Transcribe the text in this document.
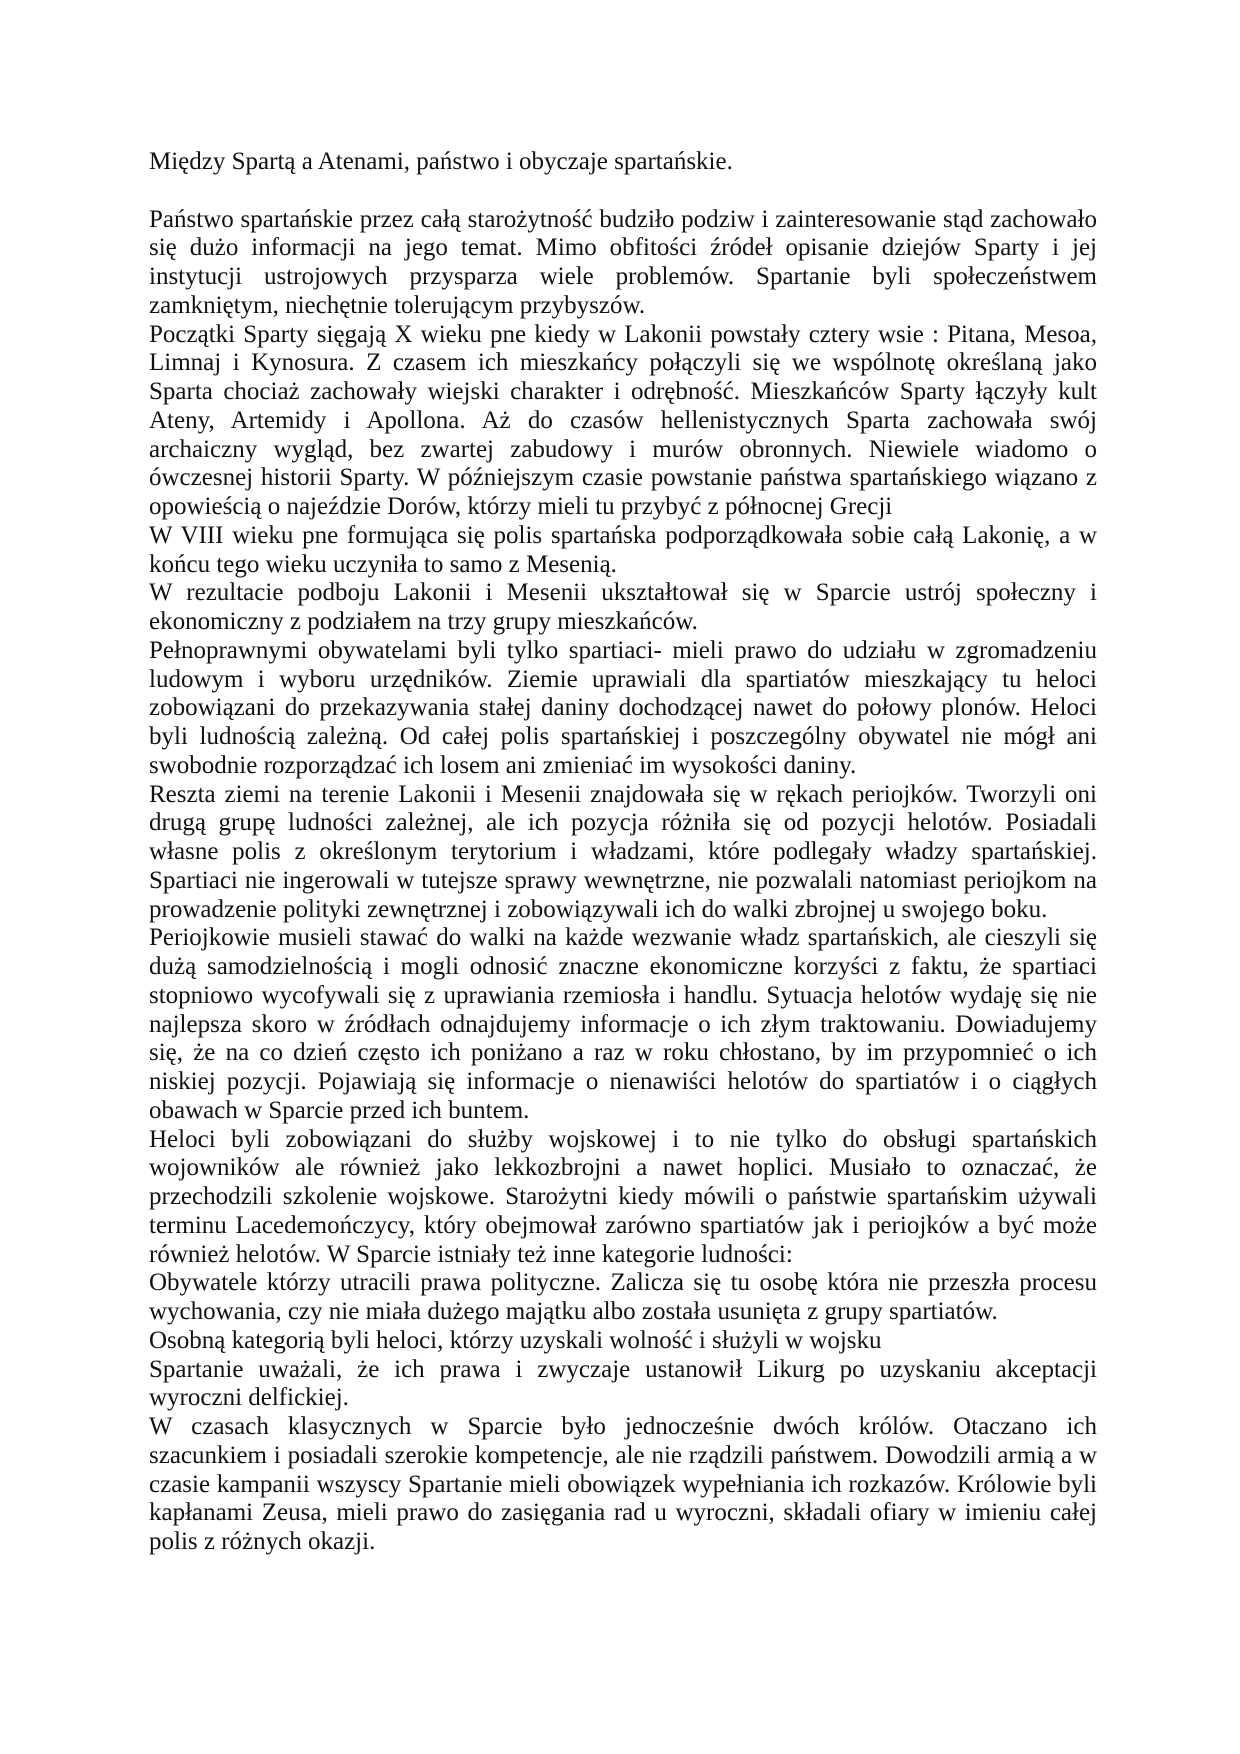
Między Spartą a Atenami, państwo i obyczaje spartańskie.
Państwo spartańskie przez całą starożytność budziło podziw i zainteresowanie stąd zachowało
się dużo informacji na jego temat. Mimo obfitości źródeł opisanie dziejów Sparty i jej
instytucji ustrojowych przysparza wiele problemów. Spartanie byli społeczeństwem
zamkniętym, niechętnie tolerującym przybyszów.
Początki Sparty sięgają X wieku pne kiedy w Lakonii powstały cztery wsie : Pitana, Mesoa,
Limnaj i Kynosura. Z czasem ich mieszkańcy połączyli się we wspólnotę określaną jako
Sparta chociaż zachowały wiejski charakter i odrębność. Mieszkańców Sparty łączyły kult
Ateny, Artemidy i Apollona. Aż do czasów hellenistycznych Sparta zachowała swój
archaiczny wygląd, bez zwartej zabudowy i murów obronnych. Niewiele wiadomo o
ówczesnej historii Sparty. W późniejszym czasie powstanie państwa spartańskiego wiązano z
opowieścią o najeździe Dorów, którzy mieli tu przybyć z północnej Grecji
W VIII wieku pne formująca się polis spartańska podporządkowała sobie całą Lakonię, a w
końcu tego wieku uczyniła to samo z Mesenią.
W rezultacie podboju Lakonii i Mesenii ukształtował się w Sparcie ustrój społeczny i
ekonomiczny z podziałem na trzy grupy mieszkańców.
Pełnoprawnymi obywatelami byli tylko spartiaci- mieli prawo do udziału w zgromadzeniu
ludowym i wyboru urzędników. Ziemie uprawiali dla spartiatów mieszkający tu heloci
zobowiązani do przekazywania stałej daniny dochodzącej nawet do połowy plonów. Heloci
byli ludnością zależną. Od całej polis spartańskiej i poszczególny obywatel nie mógł ani
swobodnie rozporządzać ich losem ani zmieniać im wysokości daniny.
Reszta ziemi na terenie Lakonii i Mesenii znajdowała się w rękach periojków. Tworzyli oni
drugą grupę ludności zależnej, ale ich pozycja różniła się od pozycji helotów. Posiadali
własne polis z określonym terytorium i władzami, które podlegały władzy spartańskiej.
Spartiaci nie ingerowali w tutejsze sprawy wewnętrzne, nie pozwalali natomiast periojkom na
prowadzenie polityki zewnętrznej i zobowiązywali ich do walki zbrojnej u swojego boku.
Periojkowie musieli stawać do walki na każde wezwanie władz spartańskich, ale cieszyli się
dużą samodzielnością i mogli odnosić znaczne ekonomiczne korzyści z faktu, że spartiaci
stopniowo wycofywali się z uprawiania rzemiosła i handlu. Sytuacja helotów wydaję się nie
najlepsza skoro w źródłach odnajdujemy informacje o ich złym traktowaniu. Dowiadujemy
się, że na co dzień często ich poniżano a raz w roku chłostano, by im przypomnieć o ich
niskiej pozycji. Pojawiają się informacje o nienawiści helotów do spartiatów i o ciągłych
obawach w Sparcie przed ich buntem.
Heloci byli zobowiązani do służby wojskowej i to nie tylko do obsługi spartańskich
wojowników ale również jako lekkozbrojni a nawet hoplici. Musiało to oznaczać, że
przechodzili szkolenie wojskowe. Starożytni kiedy mówili o państwie spartańskim używali
terminu Lacedemończycy, który obejmował zarówno spartiatów jak i periojków a być może
również helotów. W Sparcie istniały też inne kategorie ludności:
Obywatele którzy utracili prawa polityczne. Zalicza się tu osobę która nie przeszła procesu
wychowania, czy nie miała dużego majątku albo została usunięta z grupy spartiatów.
Osobną kategorią byli heloci, którzy uzyskali wolność i służyli w wojsku
Spartanie uważali, że ich prawa i zwyczaje ustanowił Likurg po uzyskaniu akceptacji
wyroczni delfickiej.
W czasach klasycznych w Sparcie było jednocześnie dwóch królów. Otaczano ich
szacunkiem i posiadali szerokie kompetencje, ale nie rządzili państwem. Dowodzili armią a w
czasie kampanii wszyscy Spartanie mieli obowiązek wypełniania ich rozkazów. Królowie byli
kapłanami Zeusa, mieli prawo do zasięgania rad u wyroczni, składali ofiary w imieniu całej
polis z różnych okazji.
